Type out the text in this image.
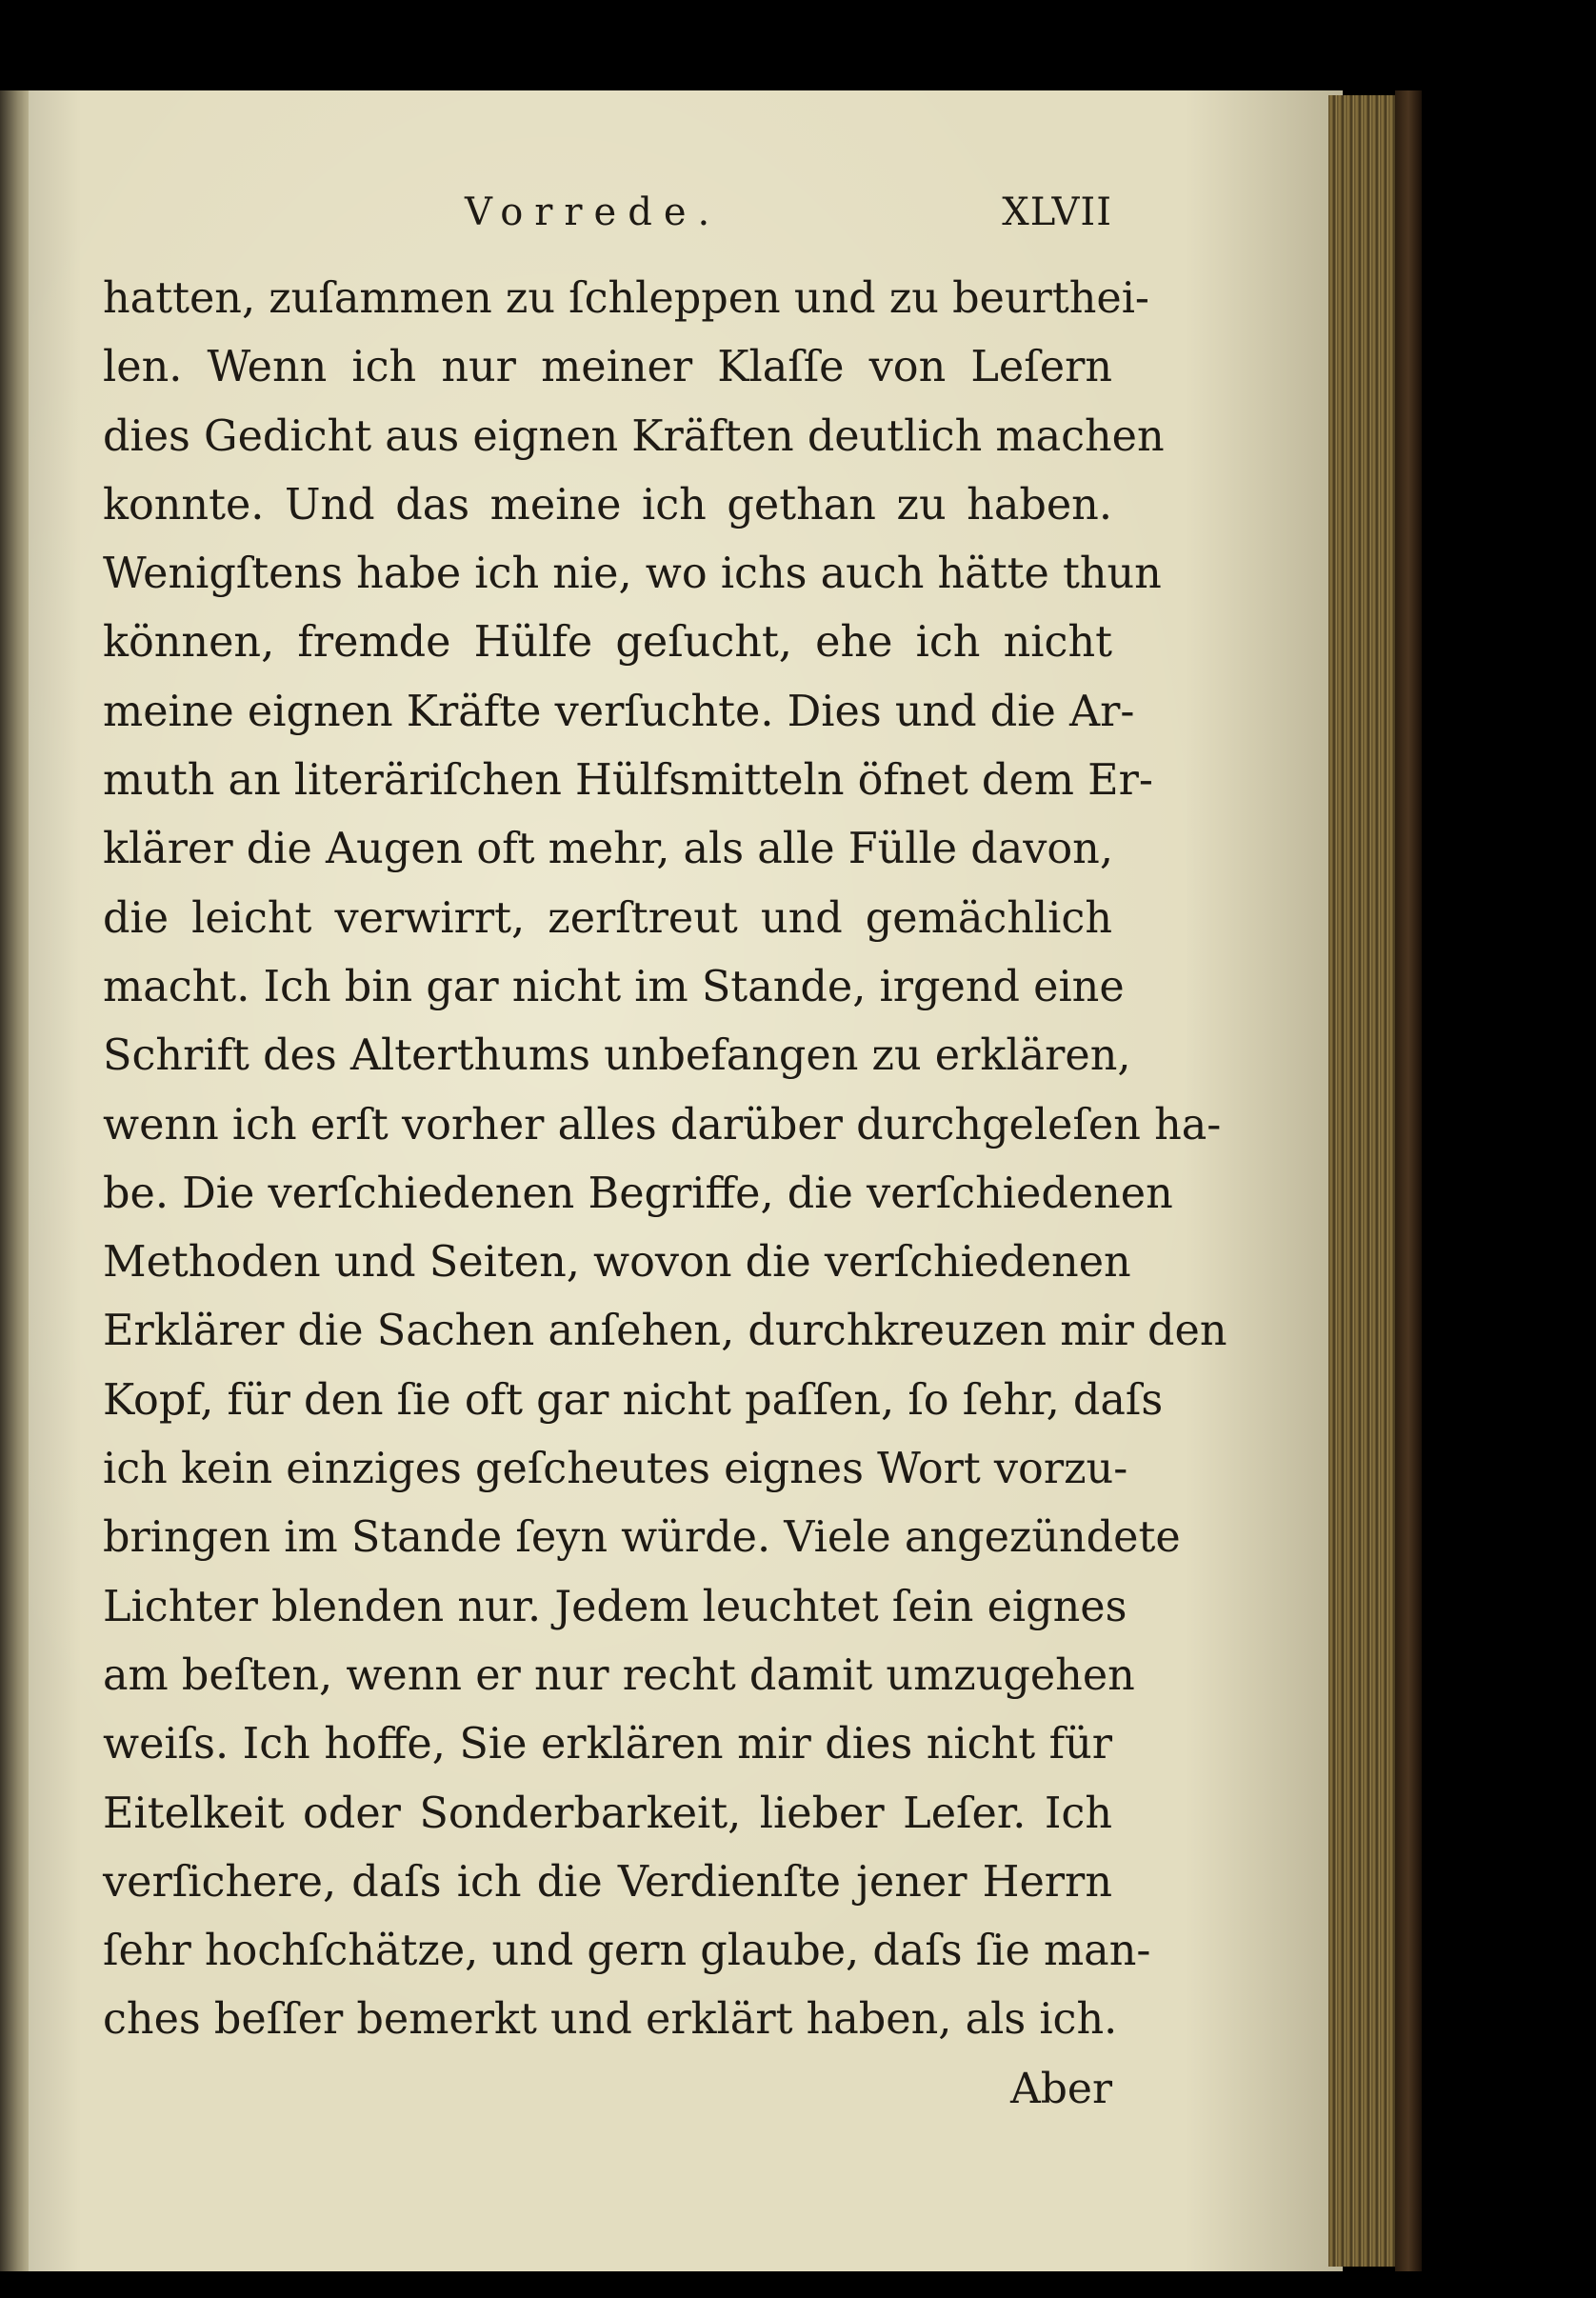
Vorrede.	XLVII
hatten, zuſammen zu ſchleppen und zu beurthei-
len. Wenn ich nur meiner Klaſſe von Leſern
dies Gedicht aus eignen Kräften deutlich machen
konnte. Und das meine ich gethan zu haben.
Wenigſtens habe ich nie, wo ichs auch hätte thun
können, fremde Hülfe geſucht, ehe ich nicht
meine eignen Kräfte verſuchte. Dies und die Ar-
muth an literäriſchen Hülfsmitteln öfnet dem Er-
klärer die Augen oft mehr, als alle Fülle davon,
die leicht verwirrt, zerſtreut und gemächlich
macht. Ich bin gar nicht im Stande, irgend eine
Schrift des Alterthums unbefangen zu erklären,
wenn ich erſt vorher alles darüber durchgeleſen ha-
be. Die verſchiedenen Begriffe, die verſchiedenen
Methoden und Seiten, wovon die verſchiedenen
Erklärer die Sachen anſehen, durchkreuzen mir den
Kopf, für den ſie oft gar nicht paſſen, ſo ſehr, daſs
ich kein einziges geſcheutes eignes Wort vorzu-
bringen im Stande ſeyn würde. Viele angezündete
Lichter blenden nur. Jedem leuchtet ſein eignes
am beſten, wenn er nur recht damit umzugehen
weiſs. Ich hoffe, Sie erklären mir dies nicht für
Eitelkeit oder Sonderbarkeit, lieber Leſer. Ich
verſichere, daſs ich die Verdienſte jener Herrn
ſehr hochſchätze, und gern glaube, daſs ſie man-
ches beſſer bemerkt und erklärt haben, als ich.
Aber
